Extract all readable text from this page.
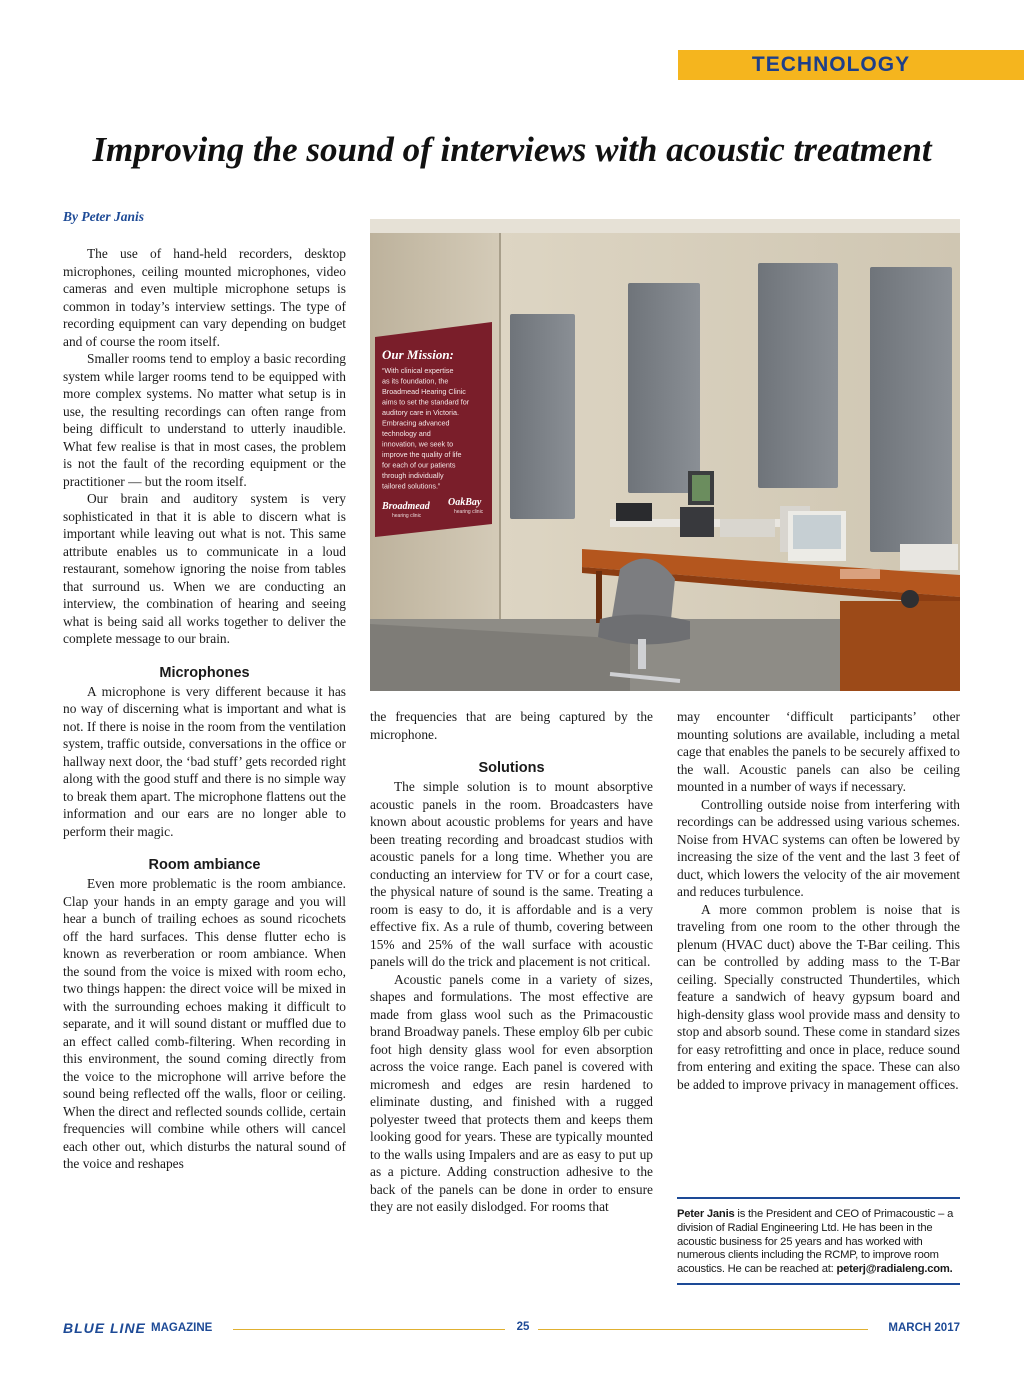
TECHNOLOGY
Improving the sound of interviews with acoustic treatment
By Peter Janis

The use of hand-held recorders, desktop microphones, ceiling mounted microphones, video cameras and even multiple microphone setups is common in today’s interview settings. The type of recording equipment can vary depending on budget and of course the room itself.

Smaller rooms tend to employ a basic recording system while larger rooms tend to be equipped with more complex systems. No matter what setup is in use, the resulting recordings can often range from being difficult to understand to utterly inaudible. What few realise is that in most cases, the problem is not the fault of the recording equipment or the practitioner — but the room itself.

Our brain and auditory system is very sophisticated in that it is able to discern what is important while leaving out what is not. This same attribute enables us to communicate in a loud restaurant, somehow ignoring the noise from tables that surround us. When we are conducting an interview, the combination of hearing and seeing what is being said all works together to deliver the complete message to our brain.

Microphones

A microphone is very different because it has no way of discerning what is important and what is not. If there is noise in the room from the ventilation system, traffic outside, conversations in the office or hallway next door, the ‘bad stuff’ gets recorded right along with the good stuff and there is no simple way to break them apart. The microphone flattens out the information and our ears are no longer able to perform their magic.

Room ambiance

Even more problematic is the room ambiance. Clap your hands in an empty garage and you will hear a bunch of trailing echoes as sound ricochets off the hard surfaces. This dense flutter echo is known as reverberation or room ambiance. When the sound from the voice is mixed with room echo, two things happen: the direct voice will be mixed in with the surrounding echoes making it difficult to separate, and it will sound distant or muffled due to an effect called comb-filtering. When recording in this environment, the sound coming directly from the voice to the microphone will arrive before the sound being reflected off the walls, floor or ceiling. When the direct and reflected sounds collide, certain frequencies will combine while others will cancel each other out, which disturbs the natural sound of the voice and reshapes

Our Mission:
“With clinical expertise
as its foundation, the
Broadmead Hearing Clinic
aims to set the standard for
auditory care in Victoria.
Embracing advanced
technology and
innovation, we seek to
improve the quality of life
for each of our patients
through individually
tailored solutions.”
Broadmead
hearing clinic
OakBay
hearing clinic

the frequencies that are being captured by the microphone.

Solutions

The simple solution is to mount absorptive acoustic panels in the room. Broadcasters have known about acoustic problems for years and have been treating recording and broadcast studios with acoustic panels for a long time. Whether you are conducting an interview for TV or for a court case, the physical nature of sound is the same. Treating a room is easy to do, it is affordable and is a very effective fix. As a rule of thumb, covering between 15% and 25% of the wall surface with acoustic panels will do the trick and placement is not critical.

Acoustic panels come in a variety of sizes, shapes and formulations. The most effective are made from glass wool such as the Primacoustic brand Broadway panels. These employ 6lb per cubic foot high density glass wool for even absorption across the voice range. Each panel is covered with micromesh and edges are resin hardened to eliminate dusting, and finished with a rugged polyester tweed that protects them and keeps them looking good for years. These are typically mounted to the walls using Impalers and are as easy to put up as a picture. Adding construction adhesive to the back of the panels can be done in order to ensure they are not easily dislodged. For rooms that

may encounter ‘difficult participants’ other mounting solutions are available, including a metal cage that enables the panels to be securely affixed to the wall. Acoustic panels can also be ceiling mounted in a number of ways if necessary.

Controlling outside noise from interfering with recordings can be addressed using various schemes. Noise from HVAC systems can often be lowered by increasing the size of the vent and the last 3 feet of duct, which lowers the velocity of the air movement and reduces turbulence.

A more common problem is noise that is traveling from one room to the other through the plenum (HVAC duct) above the T-Bar ceiling. This can be controlled by adding mass to the T-Bar ceiling. Specially constructed Thundertiles, which feature a sandwich of heavy gypsum board and high-density glass wool provide mass and density to stop and absorb sound. These come in standard sizes for easy retrofitting and once in place, reduce sound from entering and exiting the space. These can also be added to improve privacy in management offices.

Peter Janis is the President and CEO of Primacoustic – a division of Radial Engineering Ltd. He has been in the acoustic business for 25 years and has worked with numerous clients including the RCMP, to improve room acoustics. He can be reached at: peterj@radialeng.com.
BLUE LINE MAGAZINE	25	MARCH 2017
